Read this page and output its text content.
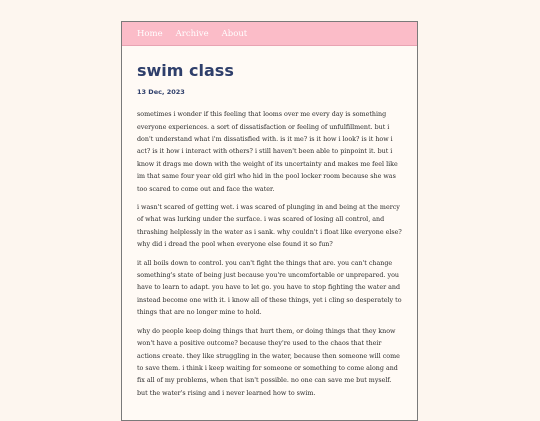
Home Archive About
swim class
13 Dec, 2023

sometimes i wonder if this feeling that looms over me every day is something everyone experiences. a sort of dissatisfaction or feeling of unfulfillment. but i don't understand what i'm dissatisfied with. is it me? is it how i look? is it how i act? is it how i interact with others? i still haven't been able to pinpoint it. but i know it drags me down with the weight of its uncertainty and makes me feel like im that same four year old girl who hid in the pool locker room because she was too scared to come out and face the water.

i wasn't scared of getting wet. i was scared of plunging in and being at the mercy of what was lurking under the surface. i was scared of losing all control, and thrashing helplessly in the water as i sank. why couldn't i float like everyone else? why did i dread the pool when everyone else found it so fun?

it all boils down to control. you can't fight the things that are. you can't change something's state of being just because you're uncomfortable or unprepared. you have to learn to adapt. you have to let go. you have to stop fighting the water and instead become one with it. i know all of these things, yet i cling so desperately to things that are no longer mine to hold.

why do people keep doing things that hurt them, or doing things that they know won't have a positive outcome? because they're used to the chaos that their actions create. they like struggling in the water, because then someone will come to save them. i think i keep waiting for someone or something to come along and fix all of my problems, when that isn't possible. no one can save me but myself. but the water's rising and i never learned how to swim.
